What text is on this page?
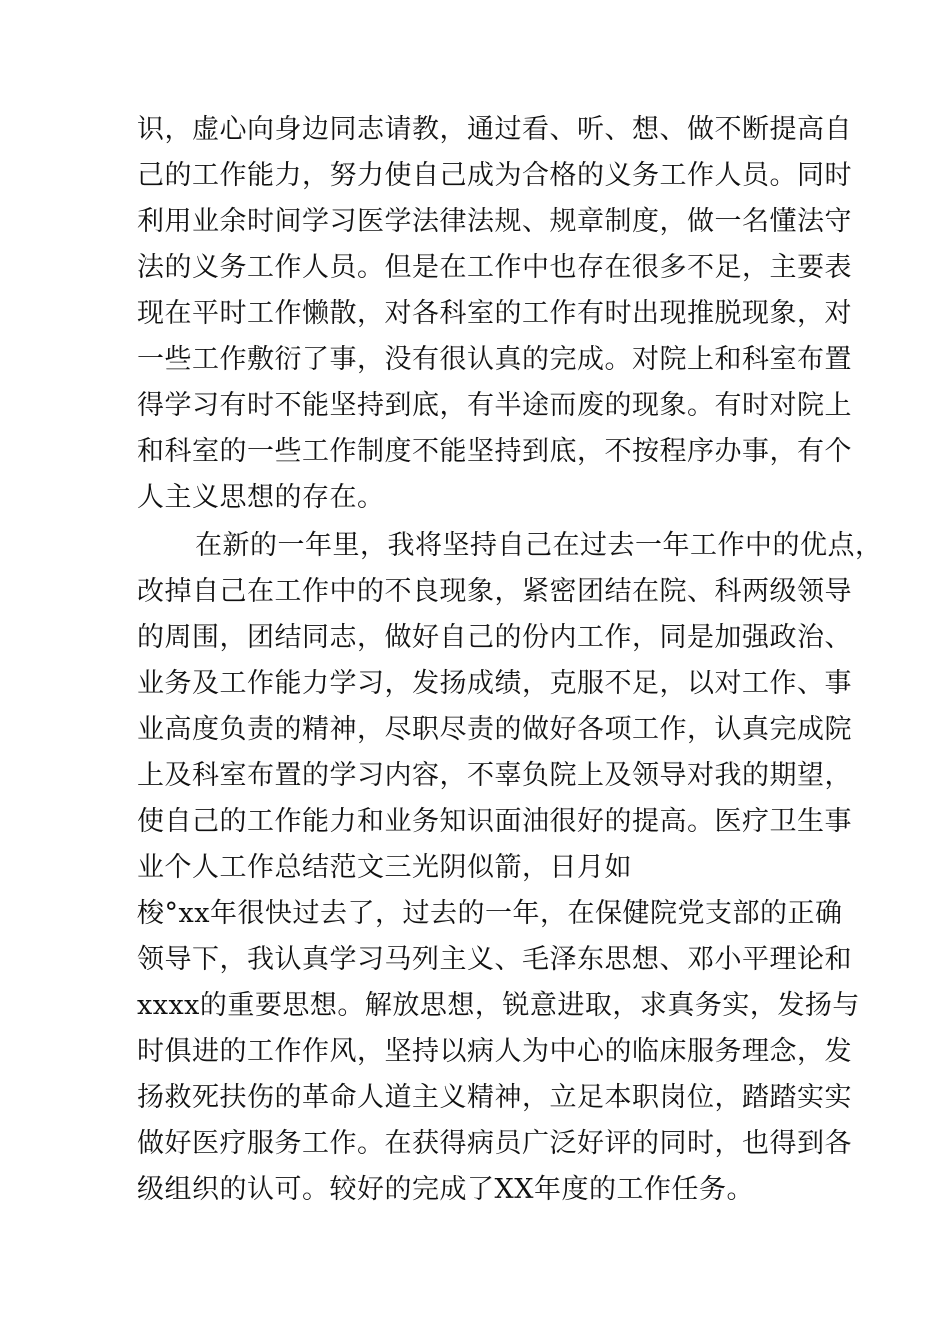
识，虚心向身边同志请教，通过看、听、想、做不断提高自
己的工作能力，努力使自己成为合格的义务工作人员。同时
利用业余时间学习医学法律法规、规章制度，做一名懂法守
法的义务工作人员。但是在工作中也存在很多不足，主要表
现在平时工作懒散，对各科室的工作有时出现推脱现象，对
一些工作敷衍了事，没有很认真的完成。对院上和科室布置
得学习有时不能坚持到底，有半途而废的现象。有时对院上
和科室的一些工作制度不能坚持到底，不按程序办事，有个
人主义思想的存在。
在新的一年里，我将坚持自己在过去一年工作中的优点，
改掉自己在工作中的不良现象，紧密团结在院、科两级领导
的周围，团结同志，做好自己的份内工作，同是加强政治、
业务及工作能力学习，发扬成绩，克服不足，以对工作、事
业高度负责的精神，尽职尽责的做好各项工作，认真完成院
上及科室布置的学习内容，不辜负院上及领导对我的期望，
使自己的工作能力和业务知识面油很好的提高。医疗卫生事
业个人工作总结范文三光阴似箭，日月如
梭°xx年很快过去了，过去的一年，在保健院党支部的正确
领导下，我认真学习马列主义、毛泽东思想、邓小平理论和
xxxx的重要思想。解放思想，锐意进取，求真务实，发扬与
时俱进的工作作风，坚持以病人为中心的临床服务理念，发
扬救死扶伤的革命人道主义精神，立足本职岗位，踏踏实实
做好医疗服务工作。在获得病员广泛好评的同时，也得到各
级组织的认可。较好的完成了XX年度的工作任务。
